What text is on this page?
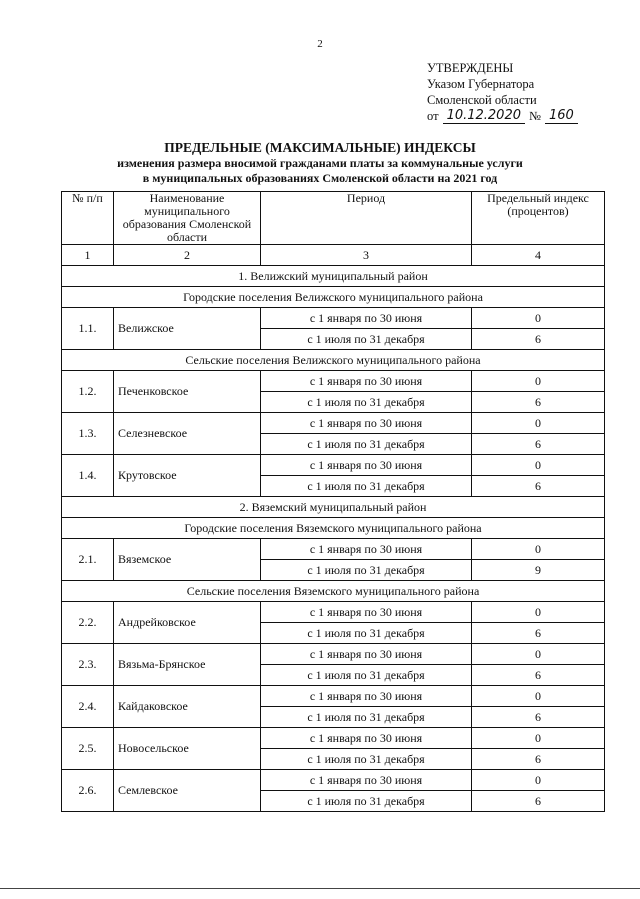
2
УТВЕРЖДЕНЫ
Указом Губернатора
Смоленской области
от 10.12.2020 № 160
ПРЕДЕЛЬНЫЕ (МАКСИМАЛЬНЫЕ) ИНДЕКСЫ
изменения размера вносимой гражданами платы за коммунальные услуги
в муниципальных образованиях Смоленской области на 2021 год
№ п/п	Наименование муниципального образования Смоленской области	Период	Предельный индекс (процентов)
1	2	3	4
1. Велижский муниципальный район			
Городские поселения Велижского муниципального района			
1.1.	Велижское	с 1 января по 30 июня	0
		с 1 июля по 31 декабря	6
Сельские поселения Велижского муниципального района			
1.2.	Печенковское	с 1 января по 30 июня	0
		с 1 июля по 31 декабря	6
1.3.	Селезневское	с 1 января по 30 июня	0
		с 1 июля по 31 декабря	6
1.4.	Крутовское	с 1 января по 30 июня	0
		с 1 июля по 31 декабря	6
2. Вяземский муниципальный район			
Городские поселения Вяземского муниципального района			
2.1.	Вяземское	с 1 января по 30 июня	0
		с 1 июля по 31 декабря	9
Сельские поселения Вяземского муниципального района			
2.2.	Андрейковское	с 1 января по 30 июня	0
		с 1 июля по 31 декабря	6
2.3.	Вязьма-Брянское	с 1 января по 30 июня	0
		с 1 июля по 31 декабря	6
2.4.	Кайдаковское	с 1 января по 30 июня	0
		с 1 июля по 31 декабря	6
2.5.	Новосельское	с 1 января по 30 июня	0
		с 1 июля по 31 декабря	6
2.6.	Семлевское	с 1 января по 30 июня	0
		с 1 июля по 31 декабря	6
